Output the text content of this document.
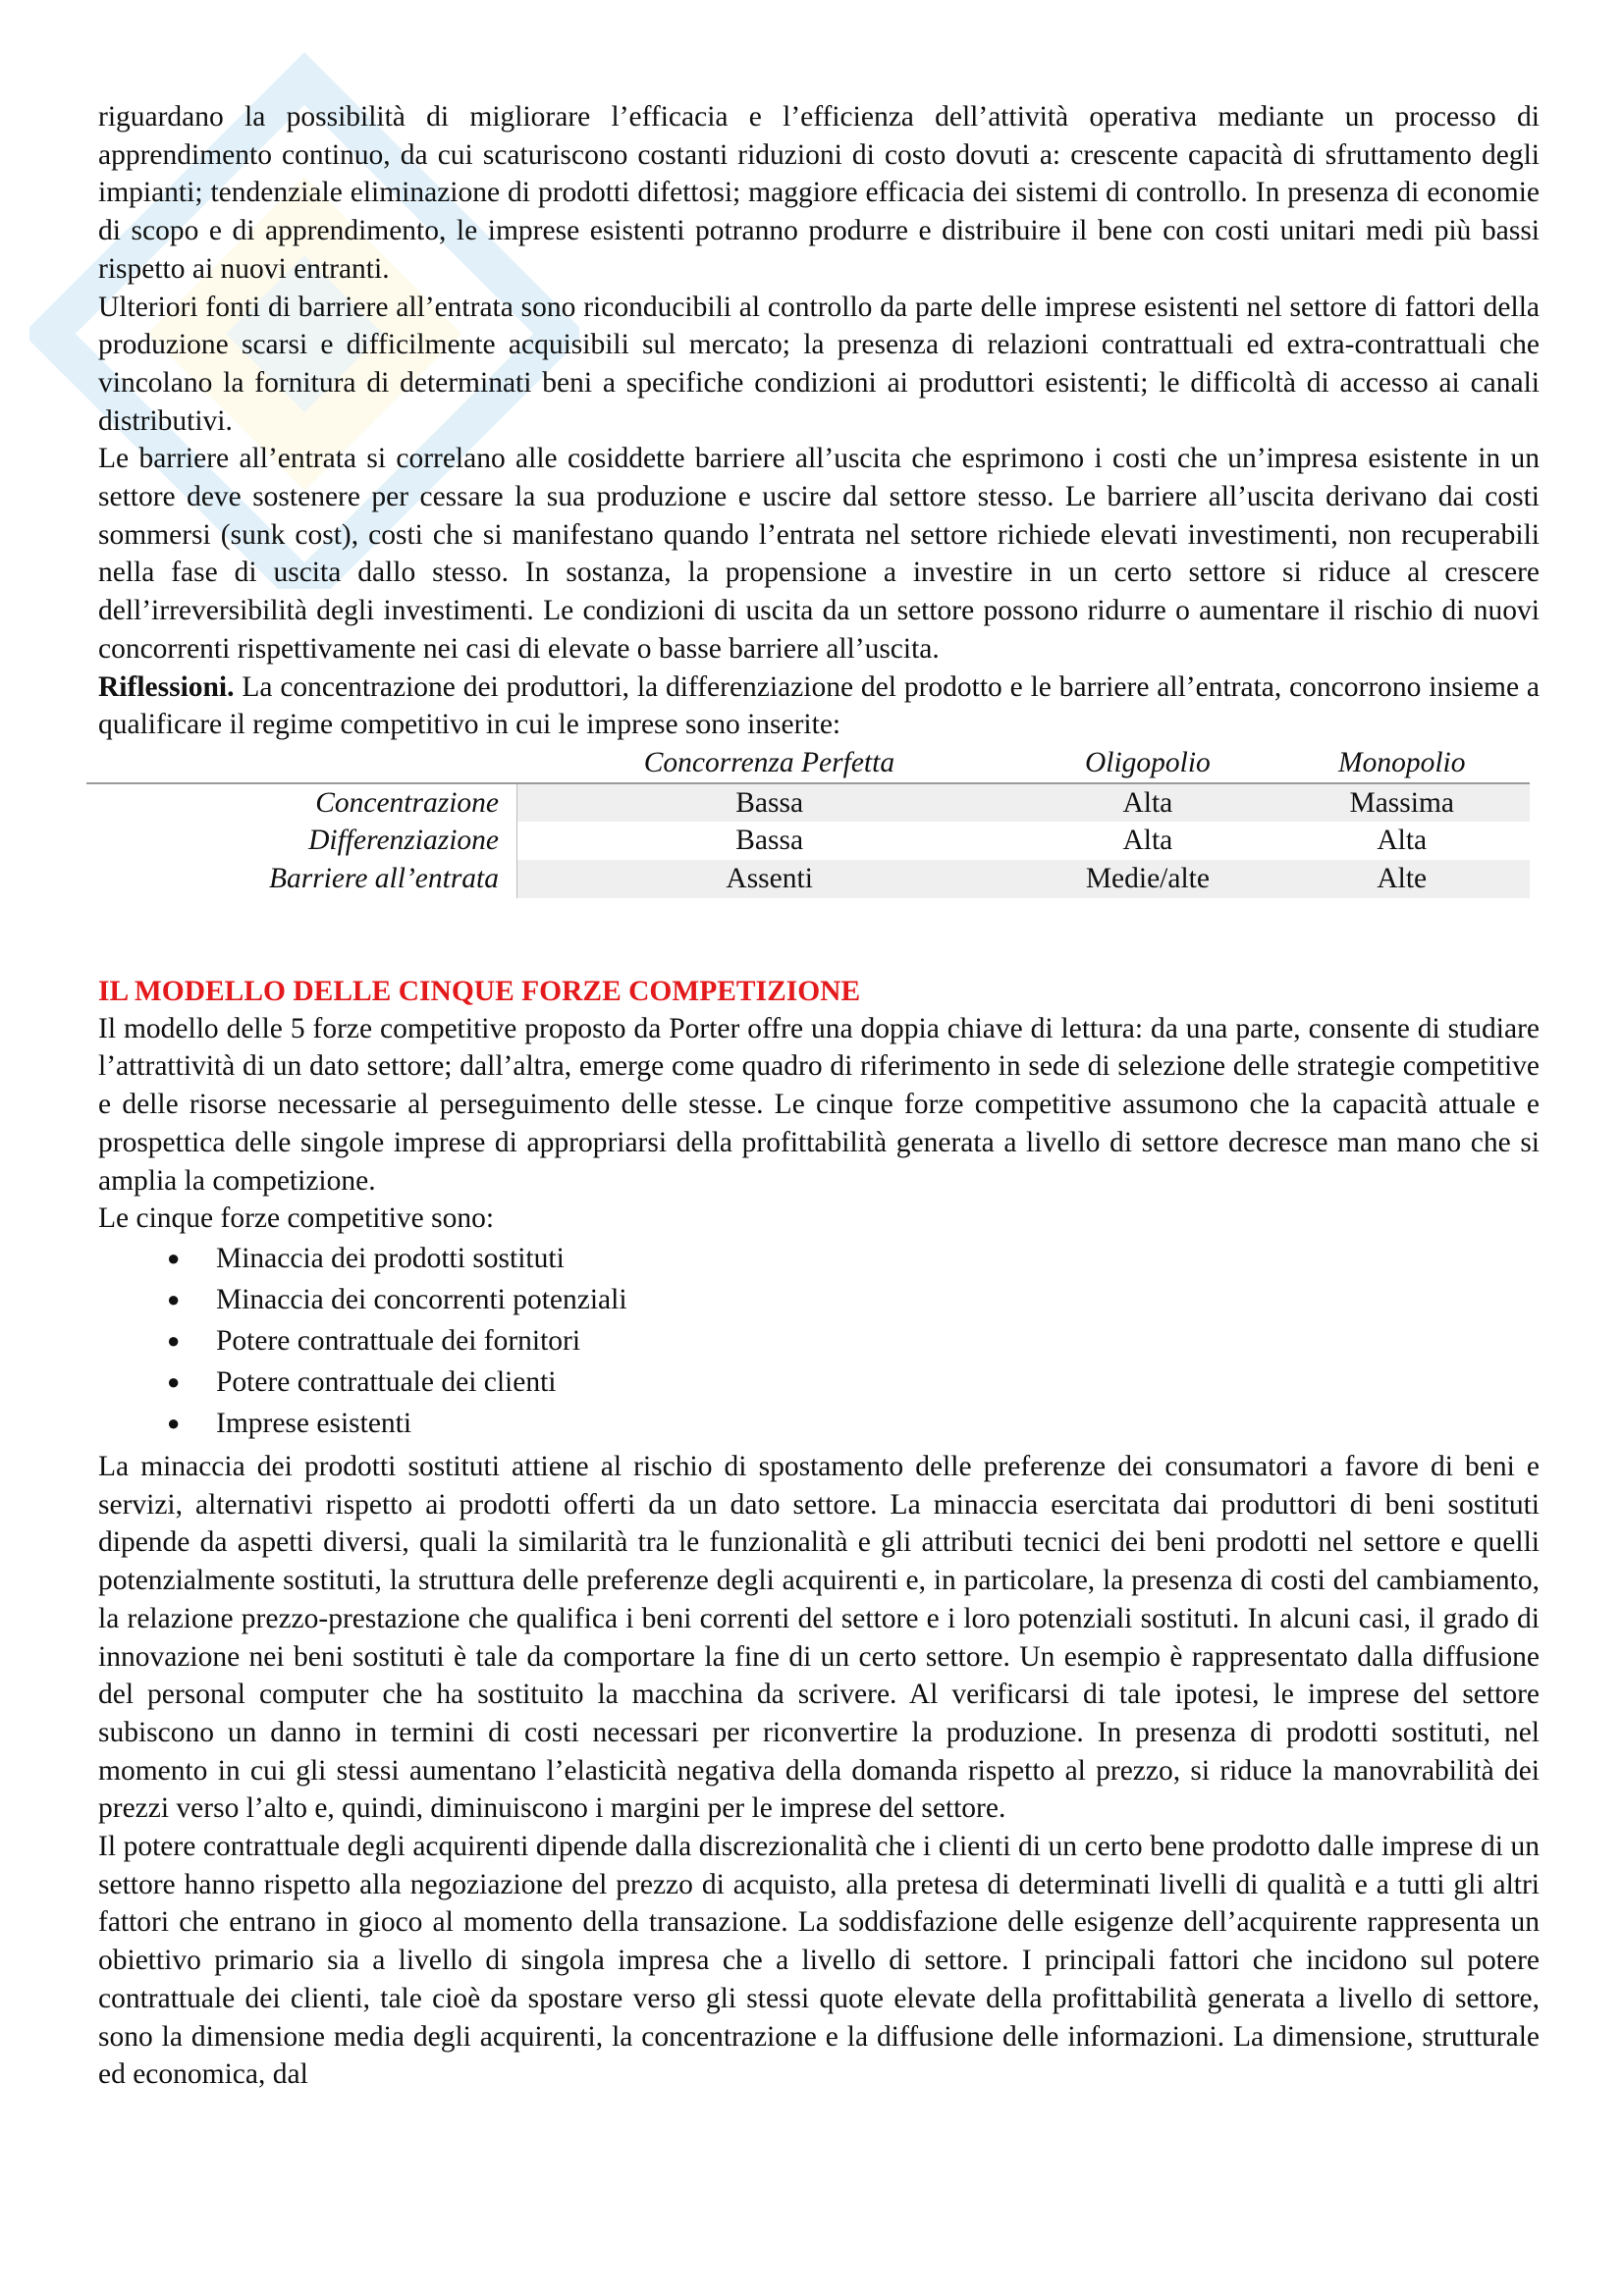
riguardano la possibilità di migliorare l’efficacia e l’efficienza dell’attività operativa mediante un processo di apprendimento continuo, da cui scaturiscono costanti riduzioni di costo dovuti a: crescente capacità di sfruttamento degli impianti; tendenziale eliminazione di prodotti difettosi; maggiore efficacia dei sistemi di controllo. In presenza di economie di scopo e di apprendimento, le imprese esistenti potranno produrre e distribuire il bene con costi unitari medi più bassi rispetto ai nuovi entranti.

Ulteriori fonti di barriere all’entrata sono riconducibili al controllo da parte delle imprese esistenti nel settore di fattori della produzione scarsi e difficilmente acquisibili sul mercato; la presenza di relazioni contrattuali ed extra-contrattuali che vincolano la fornitura di determinati beni a specifiche condizioni ai produttori esistenti; le difficoltà di accesso ai canali distributivi.

Le barriere all’entrata si correlano alle cosiddette barriere all’uscita che esprimono i costi che un’impresa esistente in un settore deve sostenere per cessare la sua produzione e uscire dal settore stesso. Le barriere all’uscita derivano dai costi sommersi (sunk cost), costi che si manifestano quando l’entrata nel settore richiede elevati investimenti, non recuperabili nella fase di uscita dallo stesso. In sostanza, la propensione a investire in un certo settore si riduce al crescere dell’irreversibilità degli investimenti. Le condizioni di uscita da un settore possono ridurre o aumentare il rischio di nuovi concorrenti rispettivamente nei casi di elevate o basse barriere all’uscita.

Riflessioni. La concentrazione dei produttori, la differenziazione del prodotto e le barriere all’entrata, concorrono insieme a qualificare il regime competitivo in cui le imprese sono inserite:

	Concorrenza Perfetta	Oligopolio	Monopolio
Concentrazione	Bassa	Alta	Massima
Differenziazione	Bassa	Alta	Alta
Barriere all’entrata	Assenti	Medie/alte	Alte
IL MODELLO DELLE CINQUE FORZE COMPETIZIONE

Il modello delle 5 forze competitive proposto da Porter offre una doppia chiave di lettura: da una parte, consente di studiare l’attrattività di un dato settore; dall’altra, emerge come quadro di riferimento in sede di selezione delle strategie competitive e delle risorse necessarie al perseguimento delle stesse. Le cinque forze competitive assumono che la capacità attuale e prospettica delle singole imprese di appropriarsi della profittabilità generata a livello di settore decresce man mano che si amplia la competizione.

Le cinque forze competitive sono:

● Minaccia dei prodotti sostituti
● Minaccia dei concorrenti potenziali
● Potere contrattuale dei fornitori
● Potere contrattuale dei clienti
● Imprese esistenti

La minaccia dei prodotti sostituti attiene al rischio di spostamento delle preferenze dei consumatori a favore di beni e servizi, alternativi rispetto ai prodotti offerti da un dato settore. La minaccia esercitata dai produttori di beni sostituti dipende da aspetti diversi, quali la similarità tra le funzionalità e gli attributi tecnici dei beni prodotti nel settore e quelli potenzialmente sostituti, la struttura delle preferenze degli acquirenti e, in particolare, la presenza di costi del cambiamento, la relazione prezzo-prestazione che qualifica i beni correnti del settore e i loro potenziali sostituti. In alcuni casi, il grado di innovazione nei beni sostituti è tale da comportare la fine di un certo settore. Un esempio è rappresentato dalla diffusione del personal computer che ha sostituito la macchina da scrivere. Al verificarsi di tale ipotesi, le imprese del settore subiscono un danno in termini di costi necessari per riconvertire la produzione. In presenza di prodotti sostituti, nel momento in cui gli stessi aumentano l’elasticità negativa della domanda rispetto al prezzo, si riduce la manovrabilità dei prezzi verso l’alto e, quindi, diminuiscono i margini per le imprese del settore.

Il potere contrattuale degli acquirenti dipende dalla discrezionalità che i clienti di un certo bene prodotto dalle imprese di un settore hanno rispetto alla negoziazione del prezzo di acquisto, alla pretesa di determinati livelli di qualità e a tutti gli altri fattori che entrano in gioco al momento della transazione. La soddisfazione delle esigenze dell’acquirente rappresenta un obiettivo primario sia a livello di singola impresa che a livello di settore. I principali fattori che incidono sul potere contrattuale dei clienti, tale cioè da spostare verso gli stessi quote elevate della profittabilità generata a livello di settore, sono la dimensione media degli acquirenti, la concentrazione e la diffusione delle informazioni. La dimensione, strutturale ed economica, dal
